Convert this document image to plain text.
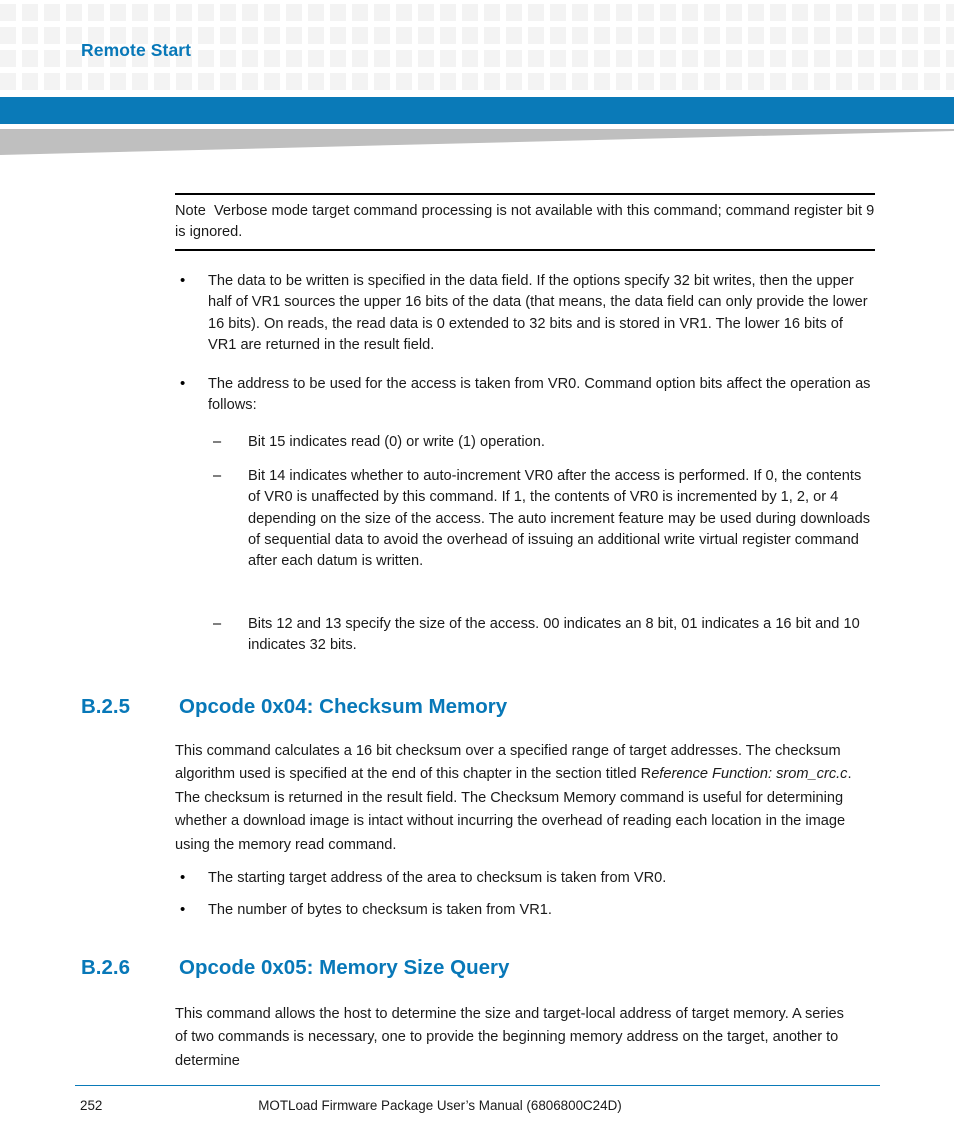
Remote Start
Note Verbose mode target command processing is not available with this command; command register bit 9 is ignored.
• The data to be written is specified in the data field. If the options specify 32 bit writes, then the upper half of VR1 sources the upper 16 bits of the data (that means, the data field can only provide the lower 16 bits). On reads, the read data is 0 extended to 32 bits and is stored in VR1. The lower 16 bits of VR1 are returned in the result field.
• The address to be used for the access is taken from VR0. Command option bits affect the operation as follows:
– Bit 15 indicates read (0) or write (1) operation.
– Bit 14 indicates whether to auto-increment VR0 after the access is performed. If 0, the contents of VR0 is unaffected by this command. If 1, the contents of VR0 is incremented by 1, 2, or 4 depending on the size of the access. The auto increment feature may be used during downloads of sequential data to avoid the overhead of issuing an additional write virtual register command after each datum is written.
– Bits 12 and 13 specify the size of the access. 00 indicates an 8 bit, 01 indicates a 16 bit and 10 indicates 32 bits.
B.2.5 Opcode 0x04: Checksum Memory
This command calculates a 16 bit checksum over a specified range of target addresses. The checksum algorithm used is specified at the end of this chapter in the section titled Reference Function: srom_crc.c. The checksum is returned in the result field. The Checksum Memory command is useful for determining whether a download image is intact without incurring the overhead of reading each location in the image using the memory read command.
• The starting target address of the area to checksum is taken from VR0.
• The number of bytes to checksum is taken from VR1.
B.2.6 Opcode 0x05: Memory Size Query
This command allows the host to determine the size and target-local address of target memory. A series of two commands is necessary, one to provide the beginning memory address on the target, another to determine
252	MOTLoad Firmware Package User’s Manual (6806800C24D)
